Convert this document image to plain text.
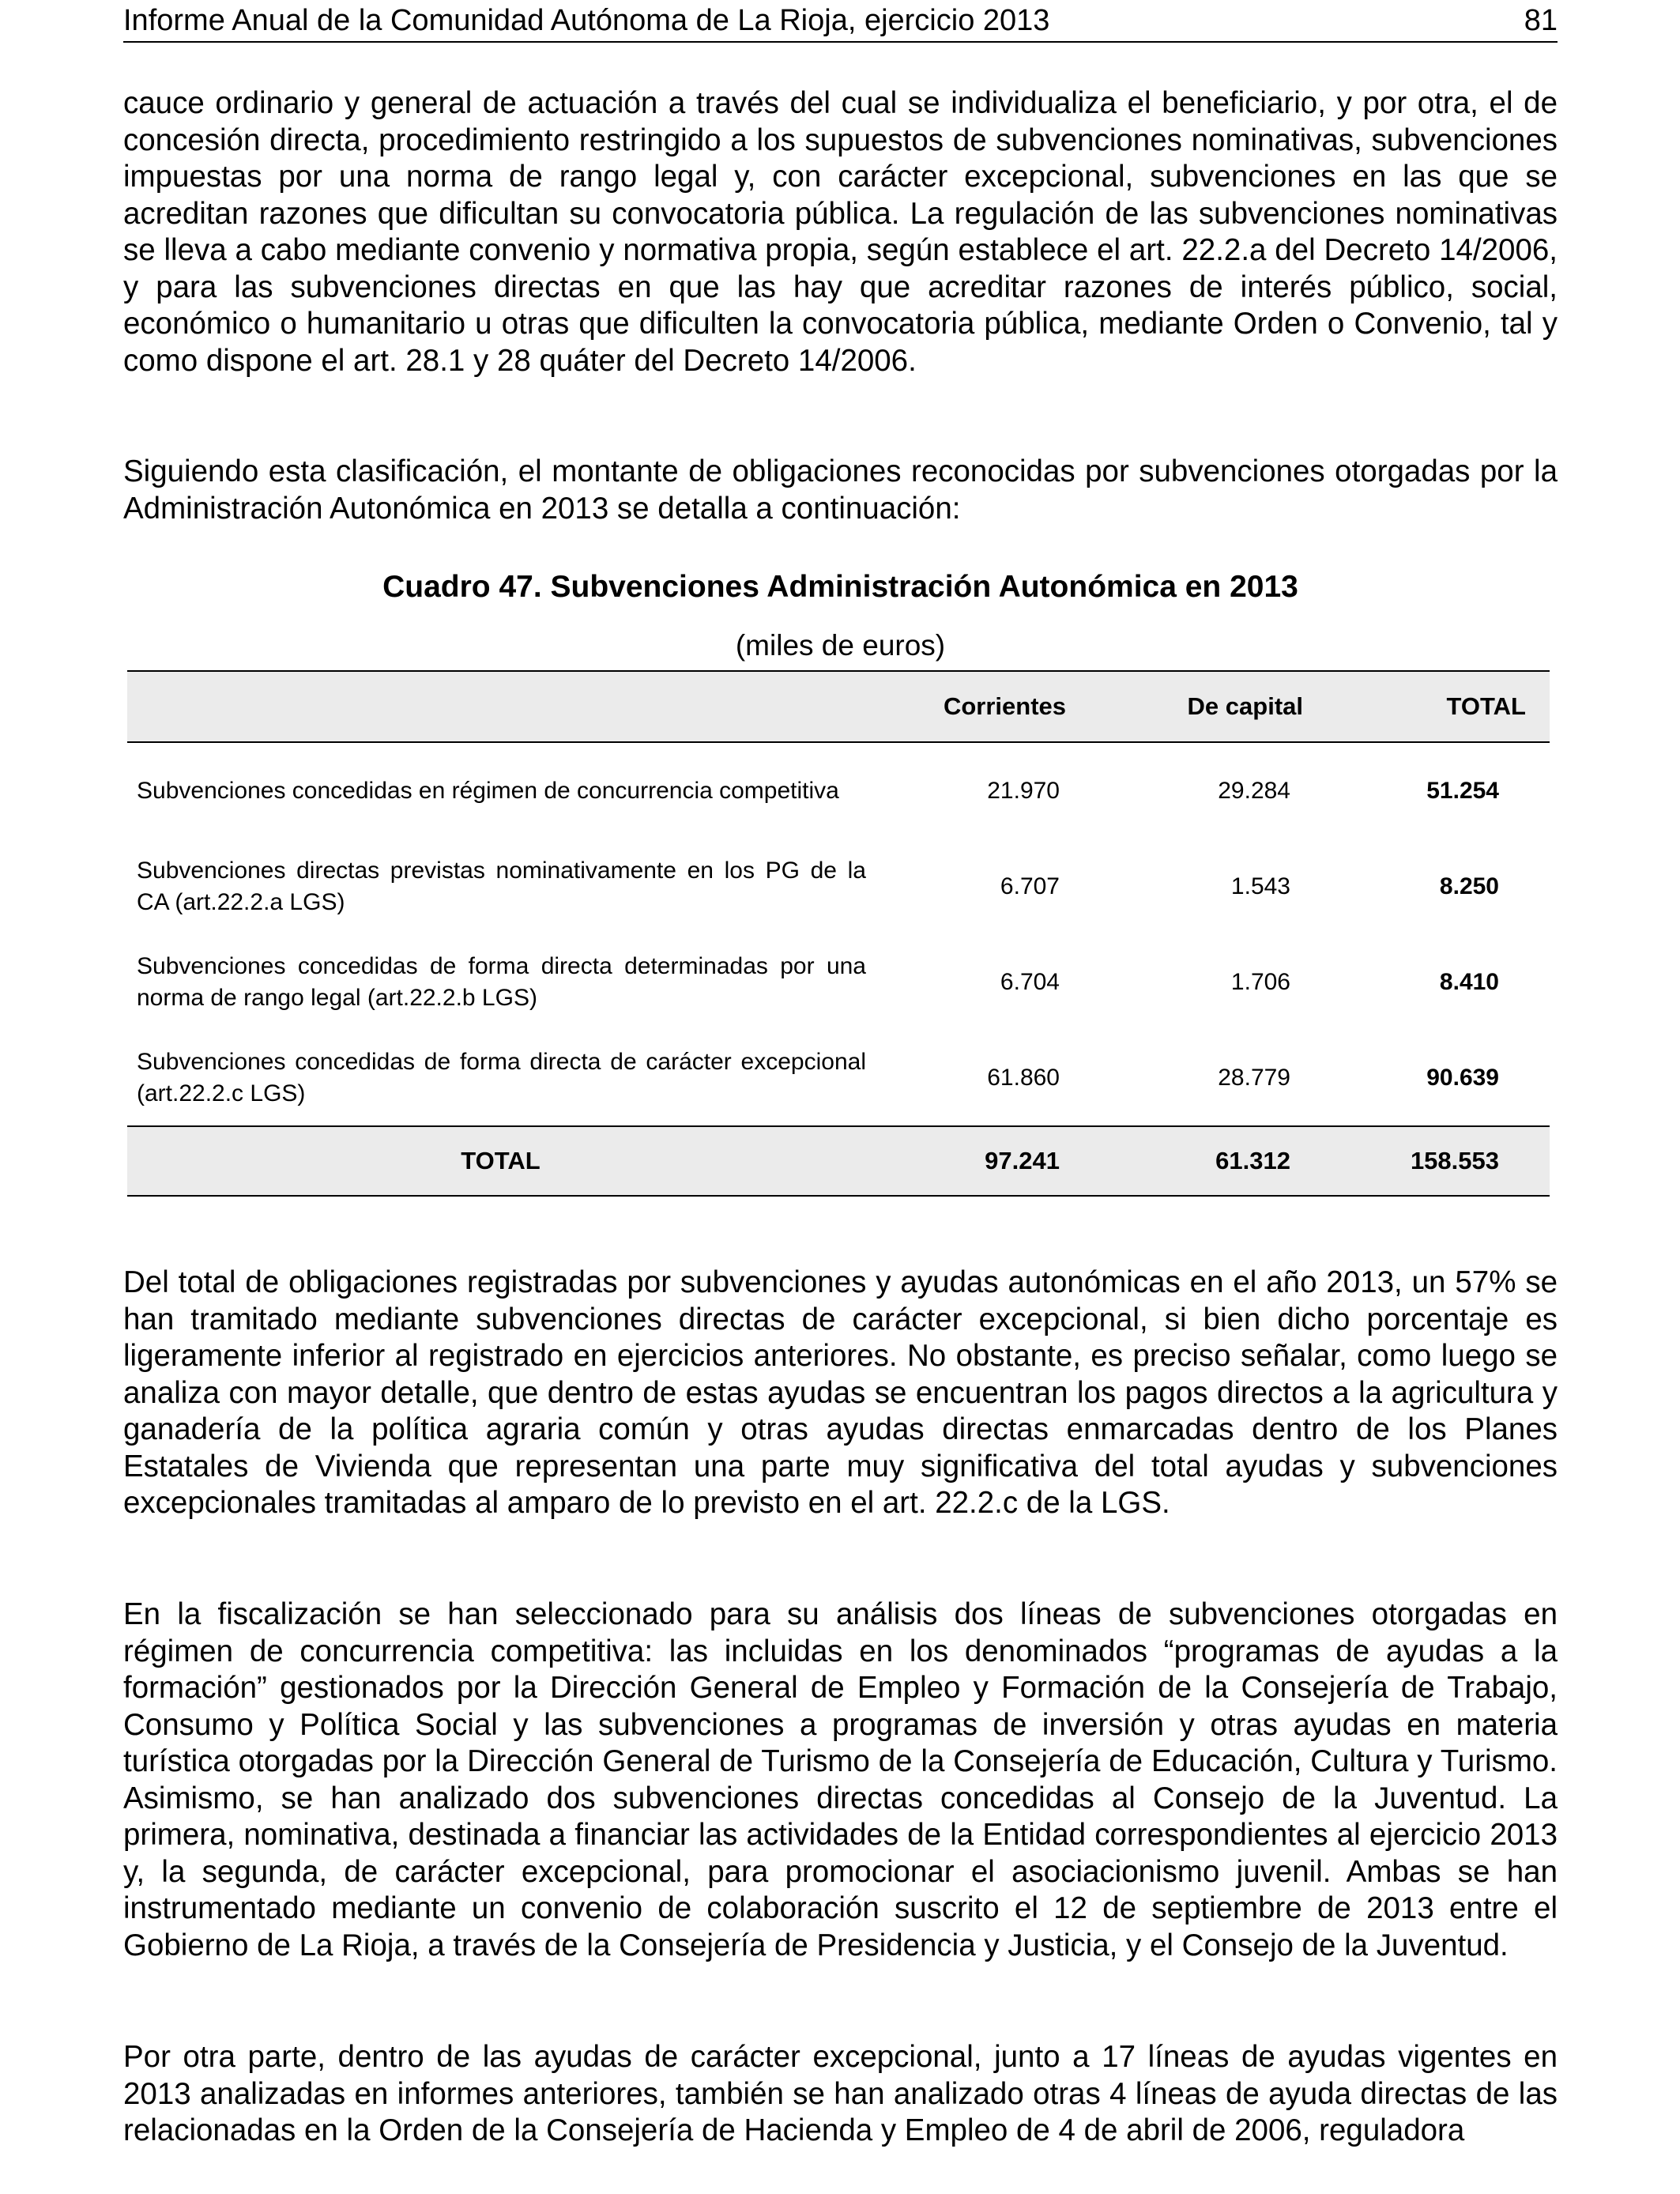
Informe Anual de la Comunidad Autónoma de La Rioja, ejercicio 2013	81

cauce ordinario y general de actuación a través del cual se individualiza el beneficiario, y por otra, el de concesión directa, procedimiento restringido a los supuestos de subvenciones nominativas, subvenciones impuestas por una norma de rango legal y, con carácter excepcional, subvenciones en las que se acreditan razones que dificultan su convocatoria pública. La regulación de las subvenciones nominativas se lleva a cabo mediante convenio y normativa propia, según establece el art. 22.2.a del Decreto 14/2006, y para las subvenciones directas en que las hay que acreditar razones de interés público, social, económico o humanitario u otras que dificulten la convocatoria pública, mediante Orden o Convenio, tal y como dispone el art. 28.1 y 28 quáter del Decreto 14/2006.

Siguiendo esta clasificación, el montante de obligaciones reconocidas por subvenciones otorgadas por la Administración Autonómica en 2013 se detalla a continuación:

Cuadro 47. Subvenciones Administración Autonómica en 2013
(miles de euros)
	Corrientes	De capital	TOTAL
Subvenciones concedidas en régimen de concurrencia competitiva	21.970	29.284	51.254
Subvenciones directas previstas nominativamente en los PG de la CA (art.22.2.a LGS)	6.707	1.543	8.250
Subvenciones concedidas de forma directa determinadas por una norma de rango legal (art.22.2.b LGS)	6.704	1.706	8.410
Subvenciones concedidas de forma directa de carácter excepcional (art.22.2.c LGS)	61.860	28.779	90.639
TOTAL	97.241	61.312	158.553

Del total de obligaciones registradas por subvenciones y ayudas autonómicas en el año 2013, un 57% se han tramitado mediante subvenciones directas de carácter excepcional, si bien dicho porcentaje es ligeramente inferior al registrado en ejercicios anteriores. No obstante, es preciso señalar, como luego se analiza con mayor detalle, que dentro de estas ayudas se encuentran los pagos directos a la agricultura y ganadería de la política agraria común y otras ayudas directas enmarcadas dentro de los Planes Estatales de Vivienda que representan una parte muy significativa del total ayudas y subvenciones excepcionales tramitadas al amparo de lo previsto en el art. 22.2.c de la LGS.

En la fiscalización se han seleccionado para su análisis dos líneas de subvenciones otorgadas en régimen de concurrencia competitiva: las incluidas en los denominados “programas de ayudas a la formación” gestionados por la Dirección General de Empleo y Formación de la Consejería de Trabajo, Consumo y Política Social y las subvenciones a programas de inversión y otras ayudas en materia turística otorgadas por la Dirección General de Turismo de la Consejería de Educación, Cultura y Turismo. Asimismo, se han analizado dos subvenciones directas concedidas al Consejo de la Juventud. La primera, nominativa, destinada a financiar las actividades de la Entidad correspondientes al ejercicio 2013 y, la segunda, de carácter excepcional, para promocionar el asociacionismo juvenil. Ambas se han instrumentado mediante un convenio de colaboración suscrito el 12 de septiembre de 2013 entre el Gobierno de La Rioja, a través de la Consejería de Presidencia y Justicia, y el Consejo de la Juventud.

Por otra parte, dentro de las ayudas de carácter excepcional, junto a 17 líneas de ayudas vigentes en 2013 analizadas en informes anteriores, también se han analizado otras 4 líneas de ayuda directas de las relacionadas en la Orden de la Consejería de Hacienda y Empleo de 4 de abril de 2006, reguladora
